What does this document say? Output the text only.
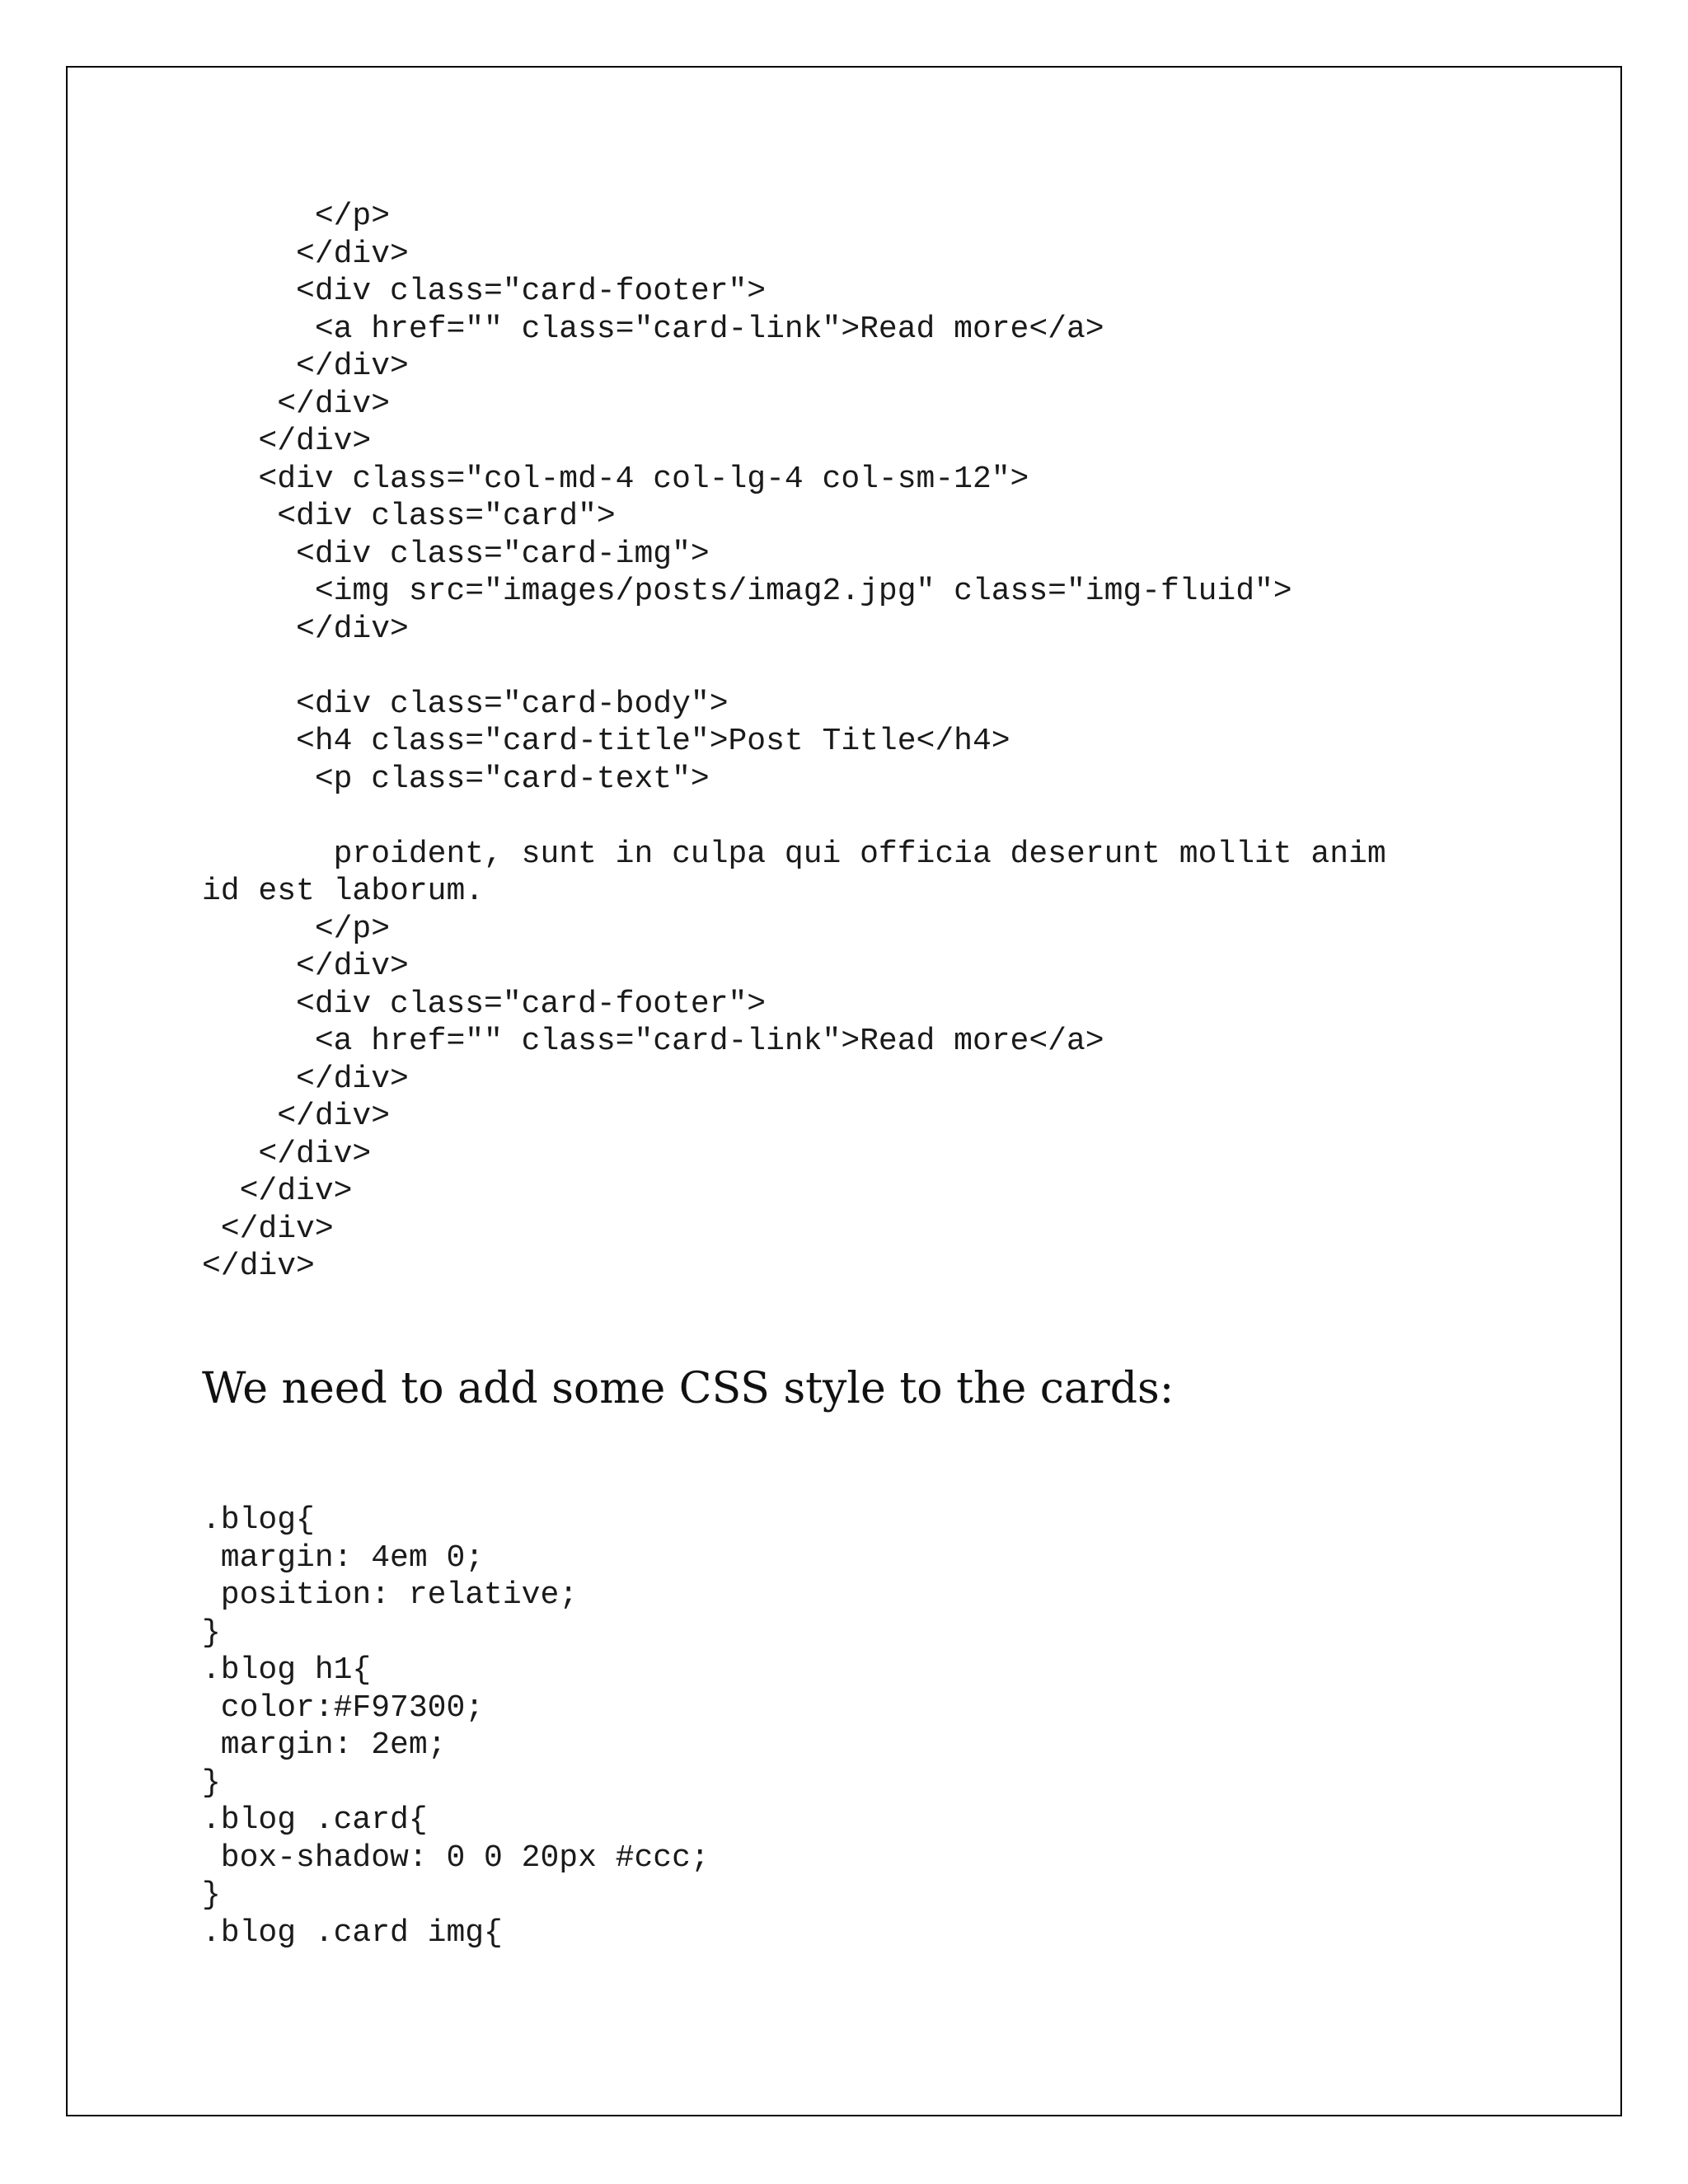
</p>
</div>
<div class="card-footer">
<a href="" class="card-link">Read more</a>
</div>
</div>
</div>
<div class="col-md-4 col-lg-4 col-sm-12">
<div class="card">
<div class="card-img">
<img src="images/posts/imag2.jpg" class="img-fluid">
</div>
<div class="card-body">
<h4 class="card-title">Post Title</h4>
<p class="card-text">
proident, sunt in culpa qui officia deserunt mollit anim
id est laborum.
</p>
</div>
<div class="card-footer">
<a href="" class="card-link">Read more</a>
</div>
</div>
</div>
</div>
</div>
</div>

We need to add some CSS style to the cards:

.blog{
margin: 4em 0;
position: relative;
}
.blog h1{
color:#F97300;
margin: 2em;
}
.blog .card{
box-shadow: 0 0 20px #ccc;
}
.blog .card img{
